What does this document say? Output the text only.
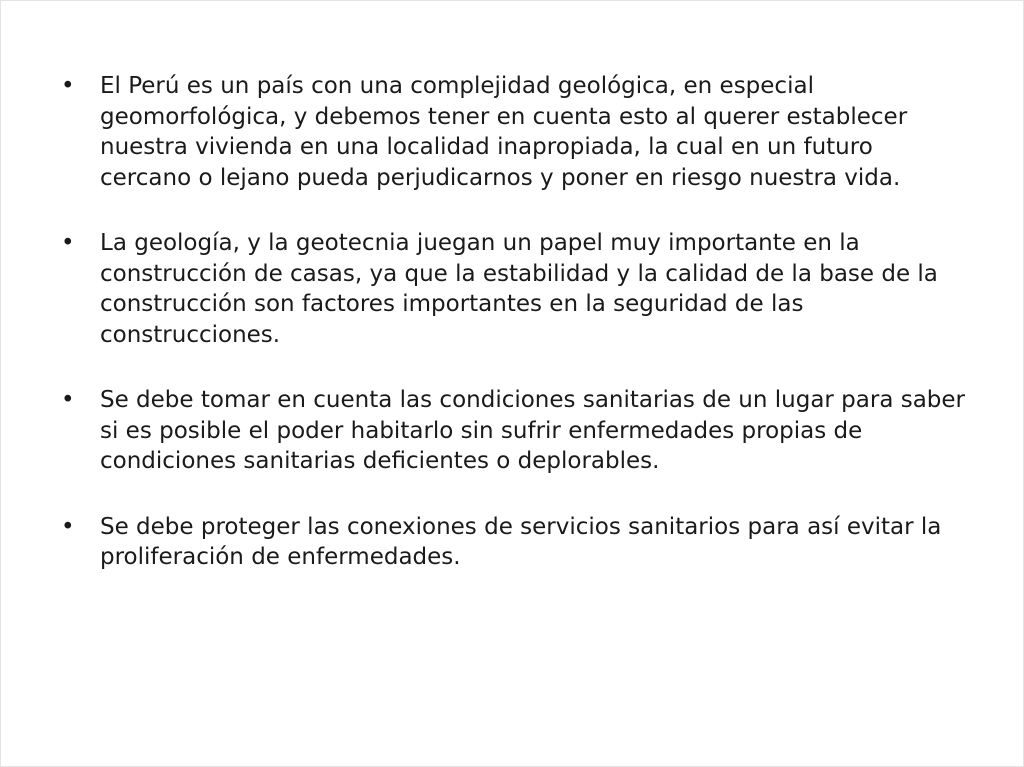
• El Perú es un país con una complejidad geológica, en especial geomorfológica, y debemos tener en cuenta esto al querer establecer nuestra vivienda en una localidad inapropiada, la cual en un futuro cercano o lejano pueda perjudicarnos y poner en riesgo nuestra vida.
• La geología, y la geotecnia juegan un papel muy importante en la construcción de casas, ya que la estabilidad y la calidad de la base de la construcción son factores importantes en la seguridad de las construcciones.
• Se debe tomar en cuenta las condiciones sanitarias de un lugar para saber si es posible el poder habitarlo sin sufrir enfermedades propias de condiciones sanitarias deficientes o deplorables.
• Se debe proteger las conexiones de servicios sanitarios para así evitar la proliferación de enfermedades.
